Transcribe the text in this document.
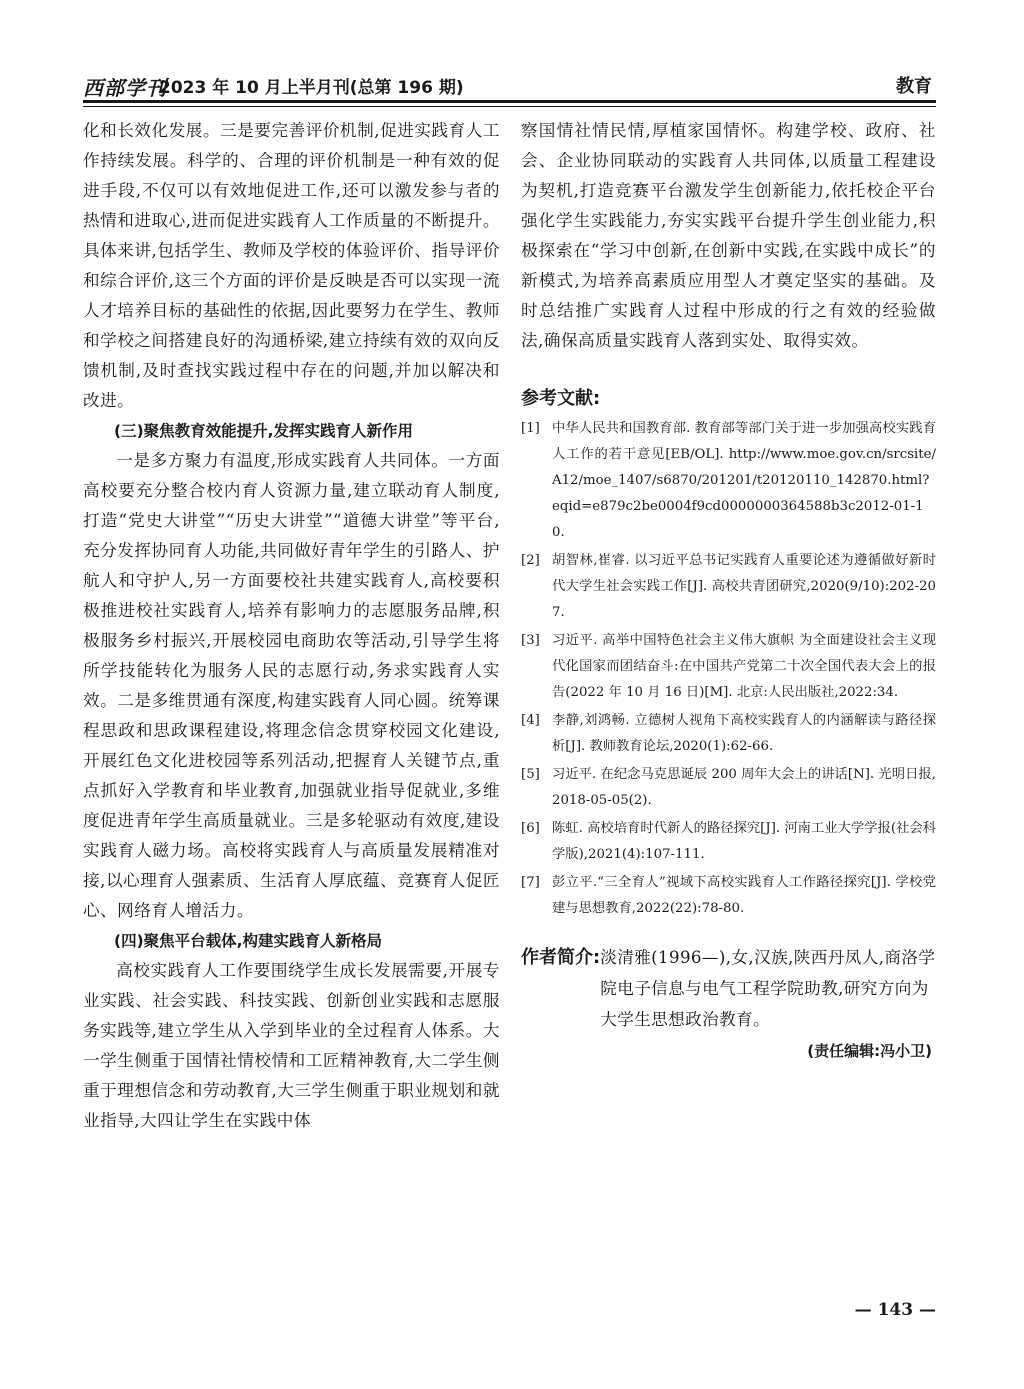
西部学刊
2023 年 10 月上半月刊(总第 196 期)	教育

化和长效化发展。三是要完善评价机制,促进实践育人工作持续发展。科学的、合理的评价机制是一种有效的促进手段,不仅可以有效地促进工作,还可以激发参与者的热情和进取心,进而促进实践育人工作质量的不断提升。具体来讲,包括学生、教师及学校的体验评价、指导评价和综合评价,这三个方面的评价是反映是否可以实现一流人才培养目标的基础性的依据,因此要努力在学生、教师和学校之间搭建良好的沟通桥梁,建立持续有效的双向反馈机制,及时查找实践过程中存在的问题,并加以解决和改进。

(三)聚焦教育效能提升,发挥实践育人新作用

一是多方聚力有温度,形成实践育人共同体。一方面高校要充分整合校内育人资源力量,建立联动育人制度,打造“党史大讲堂”“历史大讲堂”“道德大讲堂”等平台,充分发挥协同育人功能,共同做好青年学生的引路人、护航人和守护人,另一方面要校社共建实践育人,高校要积极推进校社实践育人,培养有影响力的志愿服务品牌,积极服务乡村振兴,开展校园电商助农等活动,引导学生将所学技能转化为服务人民的志愿行动,务求实践育人实效。二是多维贯通有深度,构建实践育人同心圆。统筹课程思政和思政课程建设,将理念信念贯穿校园文化建设,开展红色文化进校园等系列活动,把握育人关键节点,重点抓好入学教育和毕业教育,加强就业指导促就业,多维度促进青年学生高质量就业。三是多轮驱动有效度,建设实践育人磁力场。高校将实践育人与高质量发展精准对接,以心理育人强素质、生活育人厚底蕴、竞赛育人促匠心、网络育人增活力。

(四)聚焦平台载体,构建实践育人新格局

高校实践育人工作要围绕学生成长发展需要,开展专业实践、社会实践、科技实践、创新创业实践和志愿服务实践等,建立学生从入学到毕业的全过程育人体系。大一学生侧重于国情社情校情和工匠精神教育,大二学生侧重于理想信念和劳动教育,大三学生侧重于职业规划和就业指导,大四让学生在实践中体

察国情社情民情,厚植家国情怀。构建学校、政府、社会、企业协同联动的实践育人共同体,以质量工程建设为契机,打造竞赛平台激发学生创新能力,依托校企平台强化学生实践能力,夯实实践平台提升学生创业能力,积极探索在“学习中创新,在创新中实践,在实践中成长”的新模式,为培养高素质应用型人才奠定坚实的基础。及时总结推广实践育人过程中形成的行之有效的经验做法,确保高质量实践育人落到实处、取得实效。

参考文献:
[1] 中华人民共和国教育部. 教育部等部门关于进一步加强高校实践育人工作的若干意见[EB/OL]. http://www.moe.gov.cn/srcsite/A12/moe_1407/s6870/201201/t20120110_142870.html? eqid=e879c2be0004f9cd0000000364588b3c2012-01-10.
[2] 胡智林,崔睿. 以习近平总书记实践育人重要论述为遵循做好新时代大学生社会实践工作[J]. 高校共青团研究,2020(9/10):202-207.
[3] 习近平. 高举中国特色社会主义伟大旗帜 为全面建设社会主义现代化国家而团结奋斗:在中国共产党第二十次全国代表大会上的报告(2022 年 10 月 16 日)[M]. 北京:人民出版社,2022:34.
[4] 李静,刘鸿畅. 立德树人视角下高校实践育人的内涵解读与路径探析[J]. 教师教育论坛,2020(1):62-66.
[5] 习近平. 在纪念马克思诞辰 200 周年大会上的讲话[N]. 光明日报,2018-05-05(2).
[6] 陈虹. 高校培育时代新人的路径探究[J]. 河南工业大学学报(社会科学版),2021(4):107-111.
[7] 彭立平.“三全育人”视域下高校实践育人工作路径探究[J]. 学校党建与思想教育,2022(22):78-80.
作者简介: 淡清雅(1996—),女,汉族,陕西丹凤人,商洛学院电子信息与电气工程学院助教,研究方向为大学生思想政治教育。
(责任编辑:冯小卫)
— 143 —
